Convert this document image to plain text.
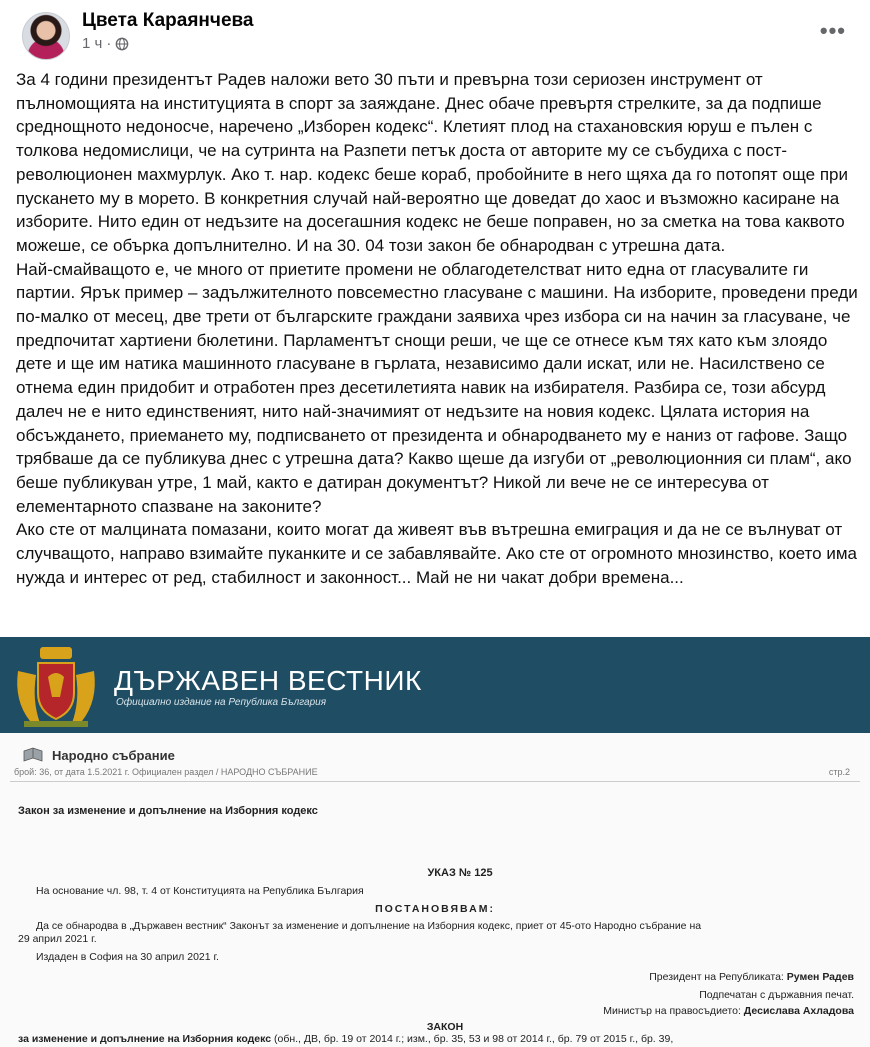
Цвета Караянчева
1 ч ·
•••

За 4 години президентът Радев наложи вето 30 пъти и превърна този сериозен инструмент от пълномощията на институцията в спорт за заяждане. Днес обаче превъртя стрелките, за да подпише среднощното недоносче, наречено „Изборен кодекс“. Клетият плод на стахановския юруш е пълен с толкова недомислици, че на сутринта на Разпети петък доста от авторите му се събудиха с пост-революционен махмурлук. Ако т. нар. кодекс беше кораб, пробойните в него щяха да го потопят още при пускането му в морето. В конкретния случай най-вероятно ще доведат до хаос и възможно касиране на изборите. Нито един от недъзите на досегашния кодекс не беше поправен, но за сметка на това каквото можеше, се обърка допълнително. И на 30. 04 този закон бе обнародван с утрешна дата.

Най-смайващото е, че много от приетите промени не облагодетелстват нито една от гласувалите ги партии. Ярък пример – задължителното повсеместно гласуване с машини. На изборите, проведени преди по-малко от месец, две трети от българските граждани заявиха чрез избора си на начин за гласуване, че предпочитат хартиени бюлетини. Парламентът снощи реши, че ще се отнесе към тях като към злоядо дете и ще им натика машинното гласуване в гърлата, независимо дали искат, или не. Насилствено се отнема един придобит и отработен през десетилетията навик на избирателя. Разбира се, този абсурд далеч не е нито единственият, нито най-значимият от недъзите на новия кодекс. Цялата история на обсъждането, приемането му, подписването от президента и обнародването му е наниз от гафове. Защо трябваше да се публикува днес с утрешна дата? Какво щеше да изгуби от „революционния си плам“, ако беше публикуван утре, 1 май, както е датиран документът? Никой ли вече не се интересува от елементарното спазване на законите?

Ако сте от малцината помазани, които могат да живеят във вътрешна емиграция и да не се вълнуват от случващото, направо взимайте пуканките и се забавлявайте. Ако сте от огромното мнозинство, което има нужда и интерес от ред, стабилност и законност... Май не ни чакат добри времена...

ДЪРЖАВЕН ВЕСТНИК
Официално издание на Република България
Народно събрание
брой: 36, от дата 1.5.2021 г. Официален раздел / НАРОДНО СЪБРАНИЕ	стр.2
Закон за изменение и допълнение на Изборния кодекс
УКАЗ № 125
На основание чл. 98, т. 4 от Конституцията на Република България
ПОСТАНОВЯВАМ:
Да се обнародва в „Държавен вестник“ Законът за изменение и допълнение на Изборния кодекс, приет от 45-ото Народно събрание на
29 април 2021 г.
Издаден в София на 30 април 2021 г.
Президент на Републиката: Румен Радев
Подпечатан с държавния печат.
Министър на правосъдието: Десислава Ахладова
ЗАКОН
за изменение и допълнение на Изборния кодекс (обн., ДВ, бр. 19 от 2014 г.; изм., бр. 35, 53 и 98 от 2014 г., бр. 79 от 2015 г., бр. 39,
